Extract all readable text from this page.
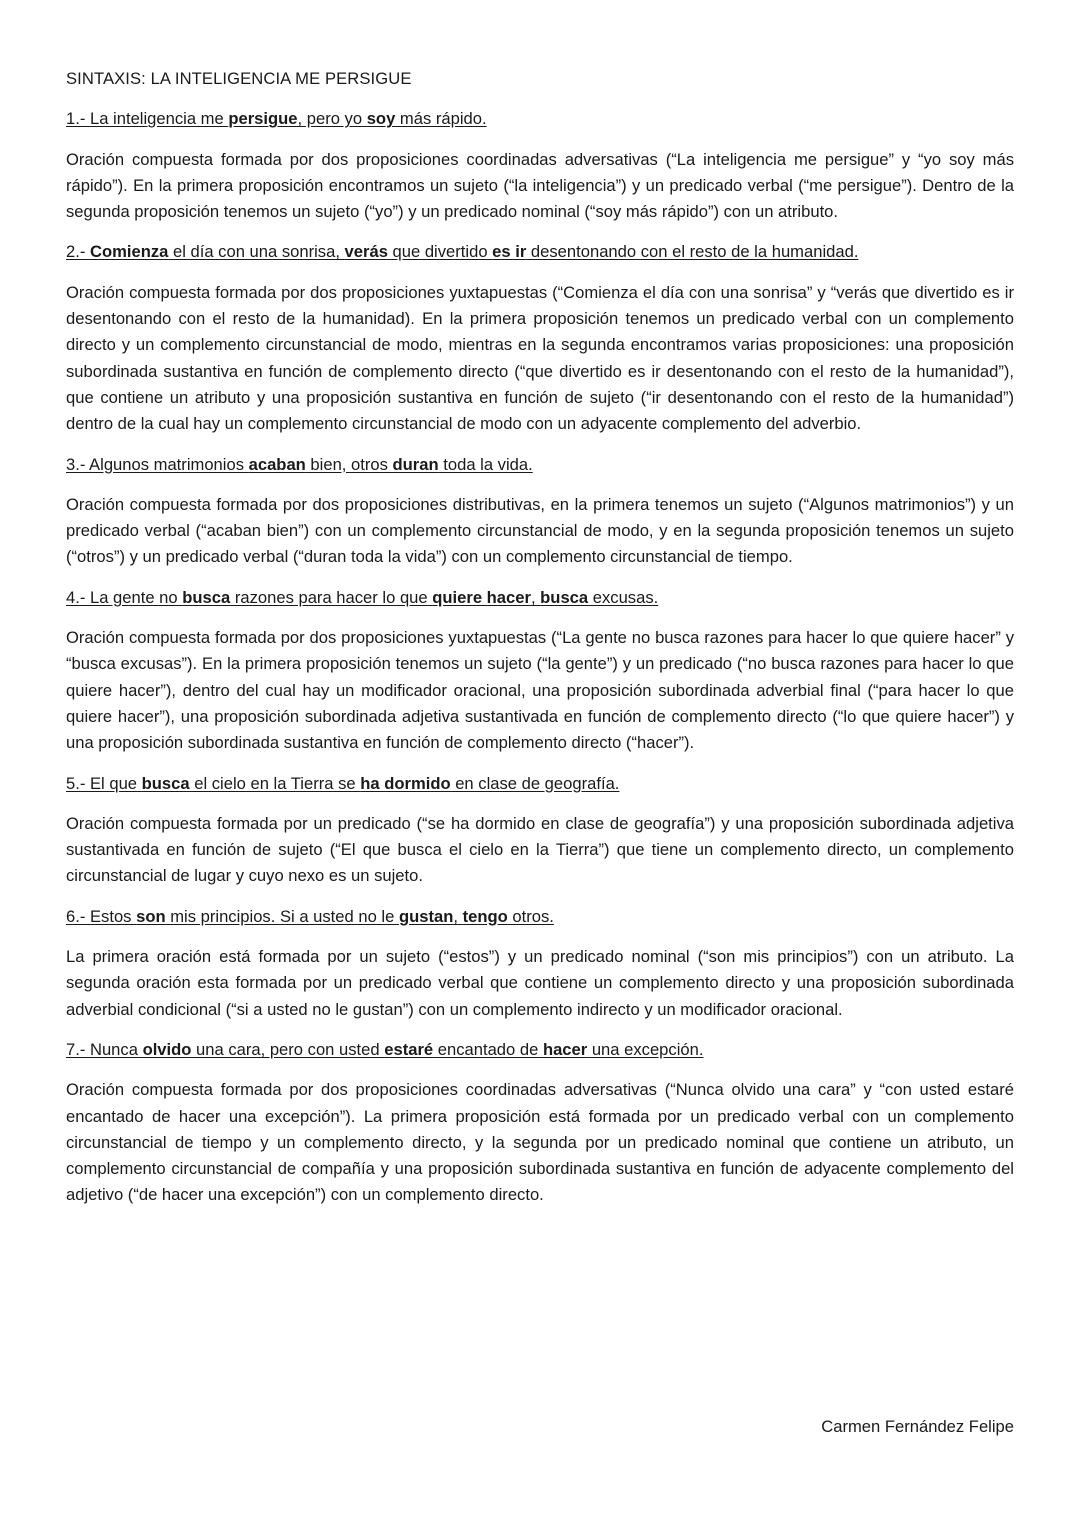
SINTAXIS: LA INTELIGENCIA ME PERSIGUE

1.- La inteligencia me persigue, pero yo soy más rápido.

Oración compuesta formada por dos proposiciones coordinadas adversativas (“La inteligencia me persigue” y “yo soy más rápido”). En la primera proposición encontramos un sujeto (“la inteligencia”) y un predicado verbal (“me persigue”). Dentro de la segunda proposición tenemos un sujeto (“yo”) y un predicado nominal (“soy más rápido”) con un atributo.

2.- Comienza el día con una sonrisa, verás que divertido es ir desentonando con el resto de la humanidad.

Oración compuesta formada por dos proposiciones yuxtapuestas (“Comienza el día con una sonrisa” y “verás que divertido es ir desentonando con el resto de la humanidad). En la primera proposición tenemos un predicado verbal con un complemento directo y un complemento circunstancial de modo, mientras en la segunda encontramos varias proposiciones: una proposición subordinada sustantiva en función de complemento directo (“que divertido es ir desentonando con el resto de la humanidad”), que contiene un atributo y una proposición sustantiva en función de sujeto (“ir desentonando con el resto de la humanidad”) dentro de la cual hay un complemento circunstancial de modo con un adyacente complemento del adverbio.

3.- Algunos matrimonios acaban bien, otros duran toda la vida.

Oración compuesta formada por dos proposiciones distributivas, en la primera tenemos un sujeto (“Algunos matrimonios”) y un predicado verbal (“acaban bien”) con un complemento circunstancial de modo, y en la segunda proposición tenemos un sujeto (“otros”) y un predicado verbal (“duran toda la vida”) con un complemento circunstancial de tiempo.

4.- La gente no busca razones para hacer lo que quiere hacer, busca excusas.

Oración compuesta formada por dos proposiciones yuxtapuestas (“La gente no busca razones para hacer lo que quiere hacer” y “busca excusas”). En la primera proposición tenemos un sujeto (“la gente”) y un predicado (“no busca razones para hacer lo que quiere hacer”), dentro del cual hay un modificador oracional, una proposición subordinada adverbial final (“para hacer lo que quiere hacer”), una proposición subordinada adjetiva sustantivada en función de complemento directo (“lo que quiere hacer”) y una proposición subordinada sustantiva en función de complemento directo (“hacer”).

5.- El que busca el cielo en la Tierra se ha dormido en clase de geografía.

Oración compuesta formada por un predicado (“se ha dormido en clase de geografía”) y una proposición subordinada adjetiva sustantivada en función de sujeto (“El que busca el cielo en la Tierra”) que tiene un complemento directo, un complemento circunstancial de lugar y cuyo nexo es un sujeto.

6.- Estos son mis principios. Si a usted no le gustan, tengo otros.

La primera oración está formada por un sujeto (“estos”) y un predicado nominal (“son mis principios”) con un atributo. La segunda oración esta formada por un predicado verbal que contiene un complemento directo y una proposición subordinada adverbial condicional (“si a usted no le gustan”) con un complemento indirecto y un modificador oracional.

7.- Nunca olvido una cara, pero con usted estaré encantado de hacer una excepción.

Oración compuesta formada por dos proposiciones coordinadas adversativas (“Nunca olvido una cara” y “con usted estaré encantado de hacer una excepción”). La primera proposición está formada por un predicado verbal con un complemento circunstancial de tiempo y un complemento directo, y la segunda por un predicado nominal que contiene un atributo, un complemento circunstancial de compañía y una proposición subordinada sustantiva en función de adyacente complemento del adjetivo (“de hacer una excepción”) con un complemento directo.

Carmen Fernández Felipe
